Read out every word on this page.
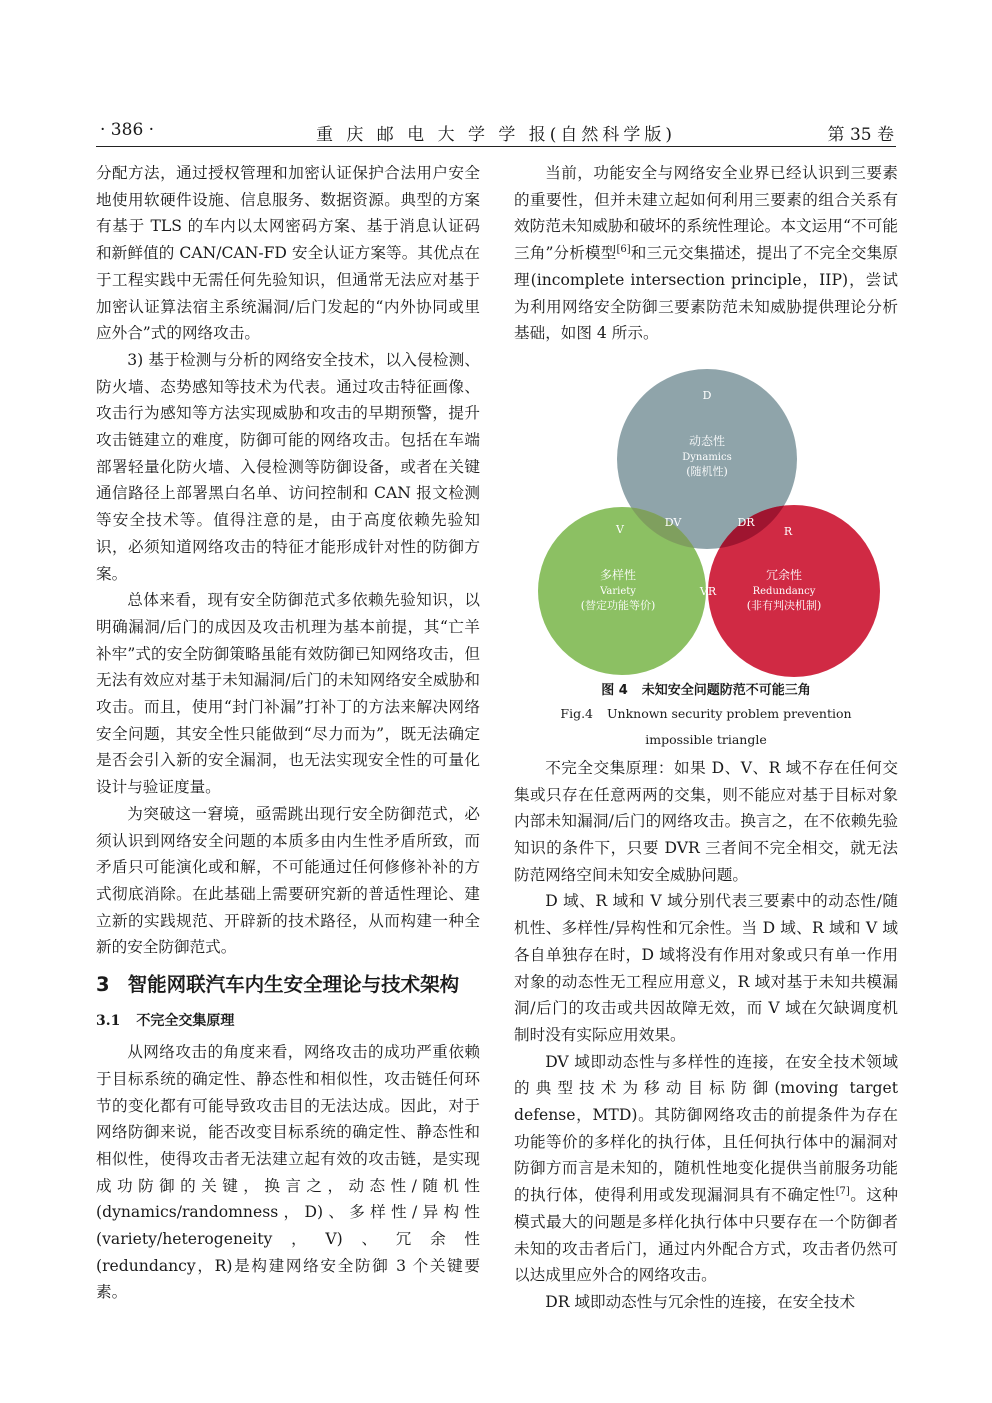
· 386 ·	重 庆 邮 电 大 学 学 报(自然科学版)	第 35 卷

分配方法，通过授权管理和加密认证保护合法用户安全地使用软硬件设施、信息服务、数据资源。典型的方案有基于 TLS 的车内以太网密码方案、基于消息认证码和新鲜值的 CAN/CAN-FD 安全认证方案等。其优点在于工程实践中无需任何先验知识，但通常无法应对基于加密认证算法宿主系统漏洞/后门发起的“内外协同或里应外合”式的网络攻击。

3) 基于检测与分析的网络安全技术，以入侵检测、防火墙、态势感知等技术为代表。通过攻击特征画像、攻击行为感知等方法实现威胁和攻击的早期预警，提升攻击链建立的难度，防御可能的网络攻击。包括在车端部署轻量化防火墙、入侵检测等防御设备，或者在关键通信路径上部署黑白名单、访问控制和 CAN 报文检测等安全技术等。值得注意的是，由于高度依赖先验知识，必须知道网络攻击的特征才能形成针对性的防御方案。

总体来看，现有安全防御范式多依赖先验知识，以明确漏洞/后门的成因及攻击机理为基本前提，其“亡羊补牢”式的安全防御策略虽能有效防御已知网络攻击，但无法有效应对基于未知漏洞/后门的未知网络安全威胁和攻击。而且，使用“封门补漏”打补丁的方法来解决网络安全问题，其安全性只能做到“尽力而为”，既无法确定是否会引入新的安全漏洞，也无法实现安全性的可量化设计与验证度量。

为突破这一窘境，亟需跳出现行安全防御范式，必须认识到网络安全问题的本质多由内生性矛盾所致，而矛盾只可能演化或和解，不可能通过任何修修补补的方式彻底消除。在此基础上需要研究新的普适性理论、建立新的实践规范、开辟新的技术路径，从而构建一种全新的安全防御范式。

3 智能网联汽车内生安全理论与技术架构
3.1 不完全交集原理

从网络攻击的角度来看，网络攻击的成功严重依赖于目标系统的确定性、静态性和相似性，攻击链任何环节的变化都有可能导致攻击目的无法达成。因此，对于网络防御来说，能否改变目标系统的确定性、静态性和相似性，使得攻击者无法建立起有效的攻击链，是实现成功防御的关键，换言之，动态性/随机性(dynamics/randomness，D)、多样性/异构性(variety/heterogeneity，V)、冗余性(redundancy，R)是构建网络安全防御 3 个关键要素。

当前，功能安全与网络安全业界已经认识到三要素的重要性，但并未建立起如何利用三要素的组合关系有效防范未知威胁和破坏的系统性理论。本文运用“不可能三角”分析模型[6]和三元交集描述，提出了不完全交集原理(incomplete intersection principle，IIP)，尝试为利用网络安全防御三要素防范未知威胁提供理论分析基础，如图 4 所示。

D
动态性
Dynamics
(随机性)
V
多样性
Variety
(替定功能等价)
R
冗余性
Redundancy
(非有判决机制)
DV	DR
VR
图 4 未知安全问题防范不可能三角
Fig.4 Unknown security problem prevention
impossible triangle

不完全交集原理：如果 D、V、R 域不存在任何交集或只存在任意两两的交集，则不能应对基于目标对象内部未知漏洞/后门的网络攻击。换言之，在不依赖先验知识的条件下，只要 DVR 三者间不完全相交，就无法防范网络空间未知安全威胁问题。

D 域、R 域和 V 域分别代表三要素中的动态性/随机性、多样性/异构性和冗余性。当 D 域、R 域和 V 域各自单独存在时，D 域将没有作用对象或只有单一作用对象的动态性无工程应用意义，R 域对基于未知共模漏洞/后门的攻击或共因故障无效，而 V 域在欠缺调度机制时没有实际应用效果。

DV 域即动态性与多样性的连接，在安全技术领域的典型技术为移动目标防御(moving target defense，MTD)。其防御网络攻击的前提条件为存在功能等价的多样化的执行体，且任何执行体中的漏洞对防御方而言是未知的，随机性地变化提供当前服务功能的执行体，使得利用或发现漏洞具有不确定性[7]。这种模式最大的问题是多样化执行体中只要存在一个防御者未知的攻击者后门，通过内外配合方式，攻击者仍然可以达成里应外合的网络攻击。

DR 域即动态性与冗余性的连接，在安全技术
